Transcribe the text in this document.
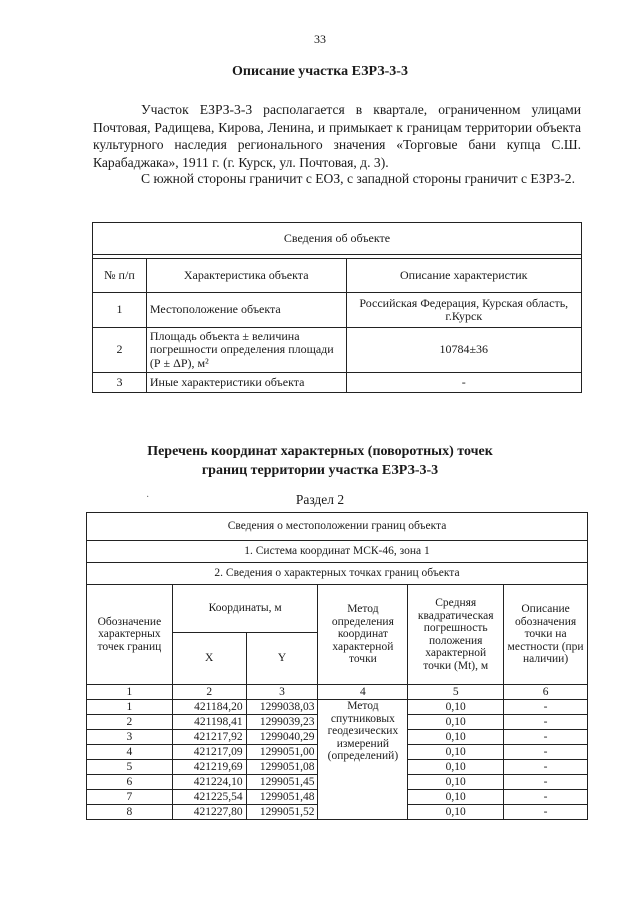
33
Описание участка ЕЗРЗ-3-3
Участок ЕЗРЗ-3-3 располагается в квартале, ограниченном улицами Почтовая, Радищева, Кирова, Ленина, и примыкает к границам территории объекта культурного наследия регионального значения «Торговые бани купца С.Ш. Карабаджака», 1911 г. (г. Курск, ул. Почтовая, д. 3).
С южной стороны граничит с ЕОЗ, с западной стороны граничит с ЕЗРЗ-2.
Сведения об объекте		

№ п/п	Характеристика объекта	Описание характеристик
1	Местоположение объекта	Российская Федерация, Курская область, г.Курск
2	Площадь объекта ± величина погрешности определения площади (Р ± ΔР), м²	10784±36
3	Иные характеристики объекта	-
Перечень координат характерных (поворотных) точек
границ территории участка ЕЗРЗ-3-3
·	Раздел 2
Сведения о местоположении границ объекта					
1. Система координат МСК-46, зона 1					
2. Сведения о характерных точках границ объекта					
Обозначение характерных точек границ	Координаты, м		Метод определения координат характерной точки	Средняя квадратическая погрешность положения характерной точки (Mt), м	Описание обозначения точки на местности (при наличии)
	X	Y			
1	2	3	4	5	6
1	421184,20	1299038,03	Метод спутниковых геодезических измерений (определений)	0,10	-
2	421198,41	1299039,23		0,10	-
3	421217,92	1299040,29		0,10	-
4	421217,09	1299051,00		0,10	-
5	421219,69	1299051,08		0,10	-
6	421224,10	1299051,45		0,10	-
7	421225,54	1299051,48		0,10	-
8	421227,80	1299051,52		0,10	-
